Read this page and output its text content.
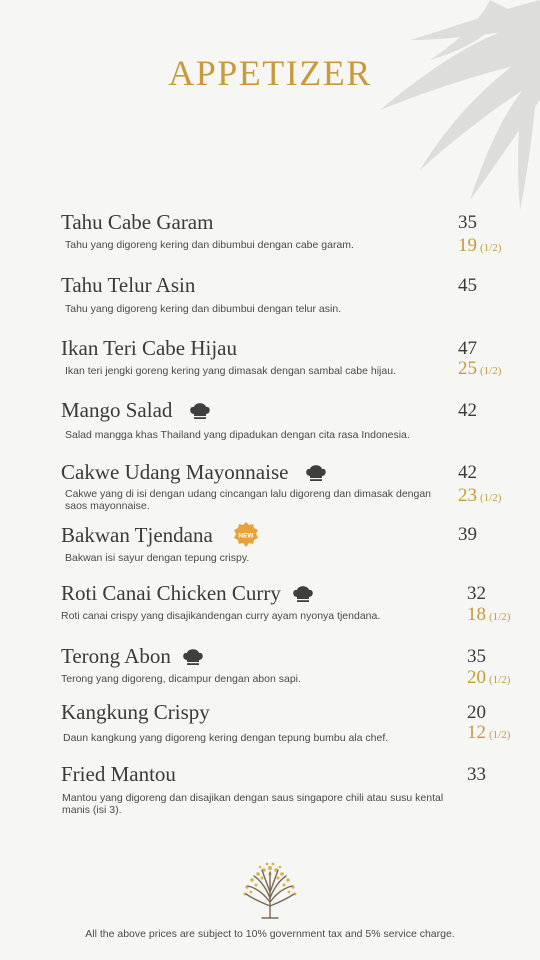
APPETIZER
Tahu Cabe Garam
Tahu yang digoreng kering dan dibumbui dengan cabe garam.
35
19 (1/2)
Tahu Telur Asin
Tahu yang digoreng kering dan dibumbui dengan telur asin.
45
Ikan Teri Cabe Hijau
Ikan teri jengki goreng kering yang dimasak dengan sambal cabe hijau.
47
25 (1/2)
Mango Salad
Salad mangga khas Thailand yang dipadukan dengan cita rasa Indonesia.
42
Cakwe Udang Mayonnaise
Cakwe yang di isi dengan udang cincangan lalu digoreng dan dimasak dengan saos mayonnaise.
42
23 (1/2)
Bakwan Tjendana	NEW
Bakwan isi sayur dengan tepung crispy.
39
Roti Canai Chicken Curry
Roti canai crispy yang disajikandengan curry ayam nyonya tjendana.
32
18 (1/2)
Terong Abon
Terong yang digoreng, dicampur dengan abon sapi.
35
20 (1/2)
Kangkung Crispy
Daun kangkung yang digoreng kering dengan tepung bumbu ala chef.
20
12 (1/2)
Fried Mantou
Mantou yang digoreng dan disajikan dengan saus singapore chili atau susu kental manis (isi 3).
33
All the above prices are subject to 10% government tax and 5% service charge.
